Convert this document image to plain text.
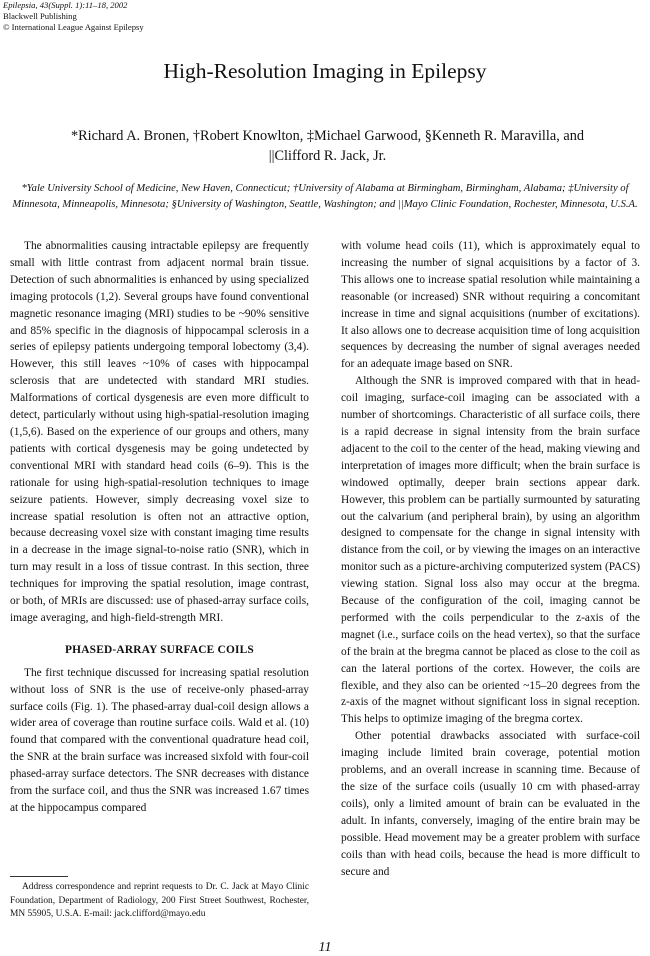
Epilepsia, 43(Suppl. 1):11–18, 2002
Blackwell Publishing
© International League Against Epilepsy
High-Resolution Imaging in Epilepsy
*Richard A. Bronen, †Robert Knowlton, ‡Michael Garwood, §Kenneth R. Maravilla, and
||Clifford R. Jack, Jr.
*Yale University School of Medicine, New Haven, Connecticut; †University of Alabama at Birmingham, Birmingham, Alabama; ‡University of Minnesota, Minneapolis, Minnesota; §University of Washington, Seattle, Washington; and ||Mayo Clinic Foundation, Rochester, Minnesota, U.S.A.

The abnormalities causing intractable epilepsy are frequently small with little contrast from adjacent normal brain tissue. Detection of such abnormalities is enhanced by using specialized imaging protocols (1,2). Several groups have found conventional magnetic resonance imaging (MRI) studies to be ~90% sensitive and 85% specific in the diagnosis of hippocampal sclerosis in a series of epilepsy patients undergoing temporal lobectomy (3,4). However, this still leaves ~10% of cases with hippocampal sclerosis that are undetected with standard MRI studies. Malformations of cortical dysgenesis are even more difficult to detect, particularly without using high-spatial-resolution imaging (1,5,6). Based on the experience of our groups and others, many patients with cortical dysgenesis may be going undetected by conventional MRI with standard head coils (6–9). This is the rationale for using high-spatial-resolution techniques to image seizure patients. However, simply decreasing voxel size to increase spatial resolution is often not an attractive option, because decreasing voxel size with constant imaging time results in a decrease in the image signal-to-noise ratio (SNR), which in turn may result in a loss of tissue contrast. In this section, three techniques for improving the spatial resolution, image contrast, or both, of MRIs are discussed: use of phased-array surface coils, image averaging, and high-field-strength MRI.

PHASED-ARRAY SURFACE COILS

The first technique discussed for increasing spatial resolution without loss of SNR is the use of receive-only phased-array surface coils (Fig. 1). The phased-array dual-coil design allows a wider area of coverage than routine surface coils. Wald et al. (10) found that compared with the conventional quadrature head coil, the SNR at the brain surface was increased sixfold with four-coil phased-array surface detectors. The SNR decreases with distance from the surface coil, and thus the SNR was increased 1.67 times at the hippocampus compared

Address correspondence and reprint requests to Dr. C. Jack at Mayo Clinic Foundation, Department of Radiology, 200 First Street Southwest, Rochester, MN 55905, U.S.A. E-mail: jack.clifford@mayo.edu

with volume head coils (11), which is approximately equal to increasing the number of signal acquisitions by a factor of 3. This allows one to increase spatial resolution while maintaining a reasonable (or increased) SNR without requiring a concomitant increase in time and signal acquisitions (number of excitations). It also allows one to decrease acquisition time of long acquisition sequences by decreasing the number of signal averages needed for an adequate image based on SNR.

Although the SNR is improved compared with that in head-coil imaging, surface-coil imaging can be associated with a number of shortcomings. Characteristic of all surface coils, there is a rapid decrease in signal intensity from the brain surface adjacent to the coil to the center of the head, making viewing and interpretation of images more difficult; when the brain surface is windowed optimally, deeper brain sections appear dark. However, this problem can be partially surmounted by saturating out the calvarium (and peripheral brain), by using an algorithm designed to compensate for the change in signal intensity with distance from the coil, or by viewing the images on an interactive monitor such as a picture-archiving computerized system (PACS) viewing station. Signal loss also may occur at the bregma. Because of the configuration of the coil, imaging cannot be performed with the coils perpendicular to the z-axis of the magnet (i.e., surface coils on the head vertex), so that the surface of the brain at the bregma cannot be placed as close to the coil as can the lateral portions of the cortex. However, the coils are flexible, and they also can be oriented ~15–20 degrees from the z-axis of the magnet without significant loss in signal reception. This helps to optimize imaging of the bregma cortex.

Other potential drawbacks associated with surface-coil imaging include limited brain coverage, potential motion problems, and an overall increase in scanning time. Because of the size of the surface coils (usually 10 cm with phased-array coils), only a limited amount of brain can be evaluated in the adult. In infants, conversely, imaging of the entire brain may be possible. Head movement may be a greater problem with surface coils than with head coils, because the head is more difficult to secure and

11
